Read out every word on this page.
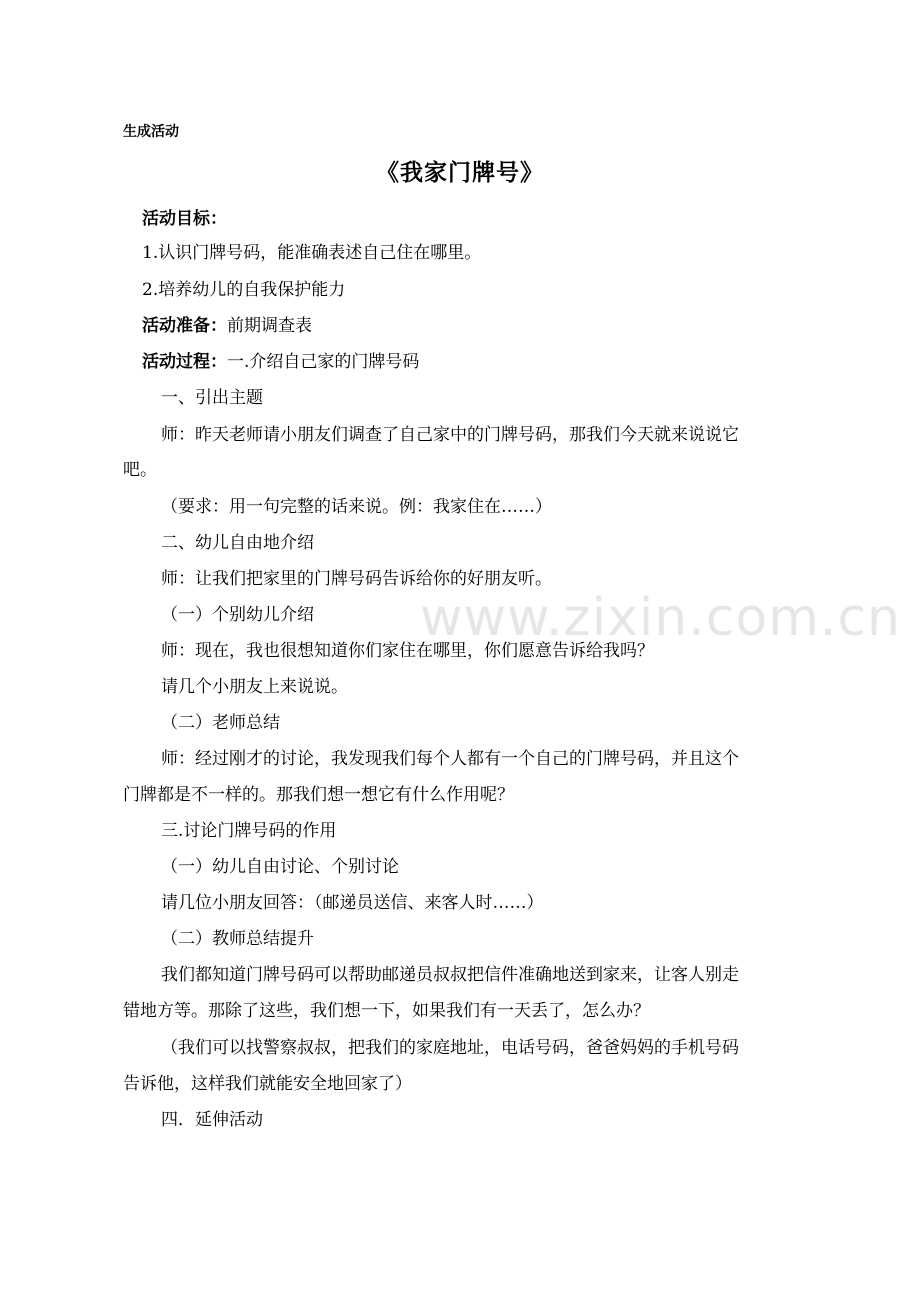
www.zixin.com.cn

生成活动

《我家门牌号》

活动目标：

1.认识门牌号码，能准确表述自己住在哪里。

2.培养幼儿的自我保护能力

活动准备：前期调查表

活动过程：一.介绍自己家的门牌号码

一、引出主题

师：昨天老师请小朋友们调查了自己家中的门牌号码，那我们今天就来说说它

吧。

（要求：用一句完整的话来说。例：我家住在……）

二、幼儿自由地介绍

师：让我们把家里的门牌号码告诉给你的好朋友听。

（一）个别幼儿介绍

师：现在，我也很想知道你们家住在哪里，你们愿意告诉给我吗？

请几个小朋友上来说说。

（二）老师总结

师：经过刚才的讨论，我发现我们每个人都有一个自己的门牌号码，并且这个

门牌都是不一样的。那我们想一想它有什么作用呢？

三.讨论门牌号码的作用

（一）幼儿自由讨论、个别讨论

请几位小朋友回答：（邮递员送信、来客人时……）

（二）教师总结提升

我们都知道门牌号码可以帮助邮递员叔叔把信件准确地送到家来，让客人别走

错地方等。那除了这些，我们想一下，如果我们有一天丢了，怎么办？

（我们可以找警察叔叔，把我们的家庭地址，电话号码，爸爸妈妈的手机号码

告诉他，这样我们就能安全地回家了）

四．延伸活动
